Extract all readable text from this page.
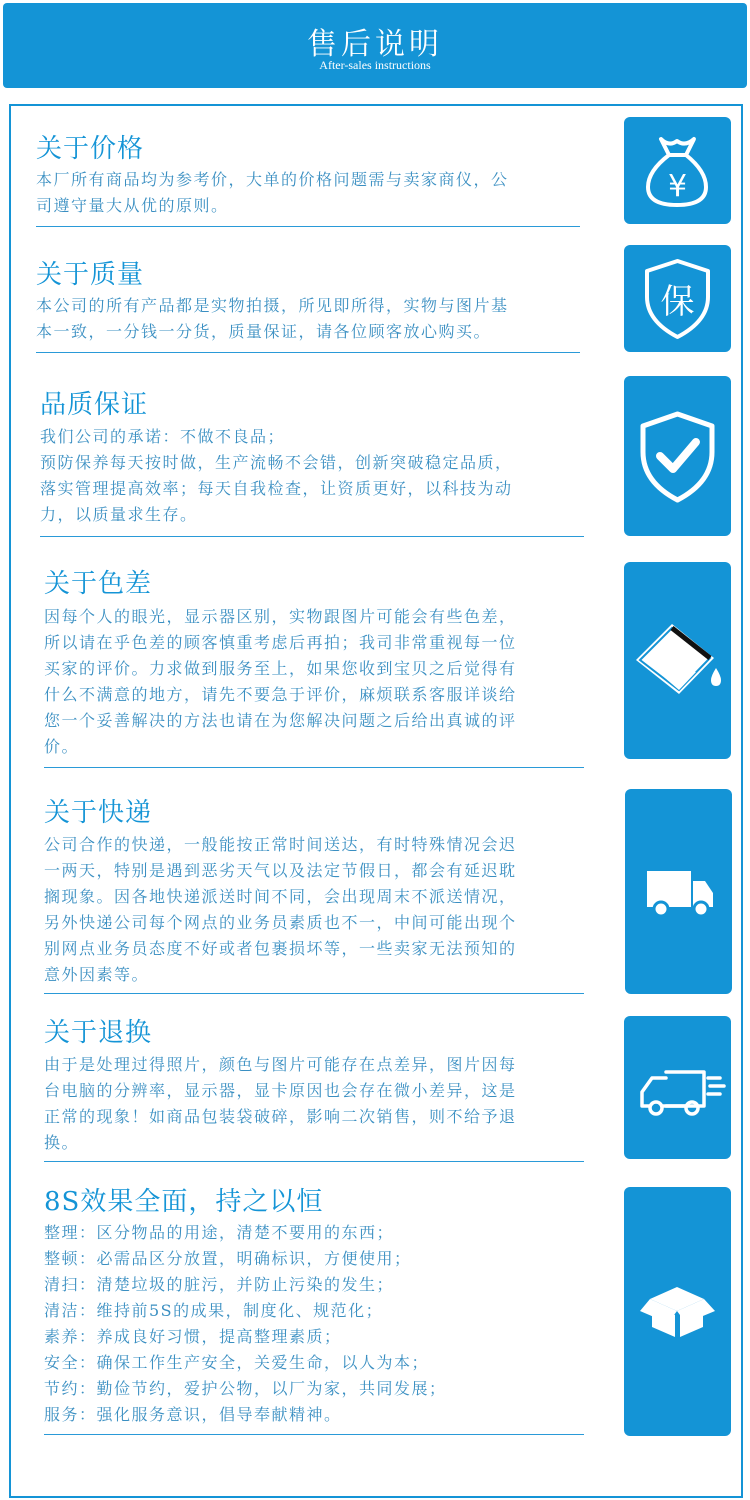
售后说明
After-sales instructions
关于价格
本厂所有商品均为参考价，大单的价格问题需与卖家商仪，公
司遵守量大从优的原则。
¥
关于质量
本公司的所有产品都是实物拍摄，所见即所得，实物与图片基
本一致，一分钱一分货，质量保证，请各位顾客放心购买。
保
品质保证
我们公司的承诺：不做不良品；
预防保养每天按时做，生产流畅不会错，创新突破稳定品质，
落实管理提高效率；每天自我检查，让资质更好，以科技为动
力，以质量求生存。
关于色差
因每个人的眼光，显示器区别，实物跟图片可能会有些色差，
所以请在乎色差的顾客慎重考虑后再拍；我司非常重视每一位
买家的评价。力求做到服务至上，如果您收到宝贝之后觉得有
什么不满意的地方，请先不要急于评价，麻烦联系客服详谈给
您一个妥善解决的方法也请在为您解决问题之后给出真诚的评
价。
关于快递
公司合作的快递，一般能按正常时间送达，有时特殊情况会迟
一两天，特别是遇到恶劣天气以及法定节假日，都会有延迟耽
搁现象。因各地快递派送时间不同，会出现周末不派送情况，
另外快递公司每个网点的业务员素质也不一，中间可能出现个
别网点业务员态度不好或者包裹损坏等，一些卖家无法预知的
意外因素等。
关于退换
由于是处理过得照片，颜色与图片可能存在点差异，图片因每
台电脑的分辨率，显示器，显卡原因也会存在微小差异，这是
正常的现象！如商品包装袋破碎，影响二次销售，则不给予退
换。
8S效果全面，持之以恒
整理：区分物品的用途，清楚不要用的东西；
整顿：必需品区分放置，明确标识，方便使用；
清扫：清楚垃圾的脏污，并防止污染的发生；
清洁：维持前5S的成果，制度化、规范化；
素养：养成良好习惯，提高整理素质；
安全：确保工作生产安全，关爱生命，以人为本；
节约：勤俭节约，爱护公物，以厂为家，共同发展；
服务：强化服务意识，倡导奉献精神。
